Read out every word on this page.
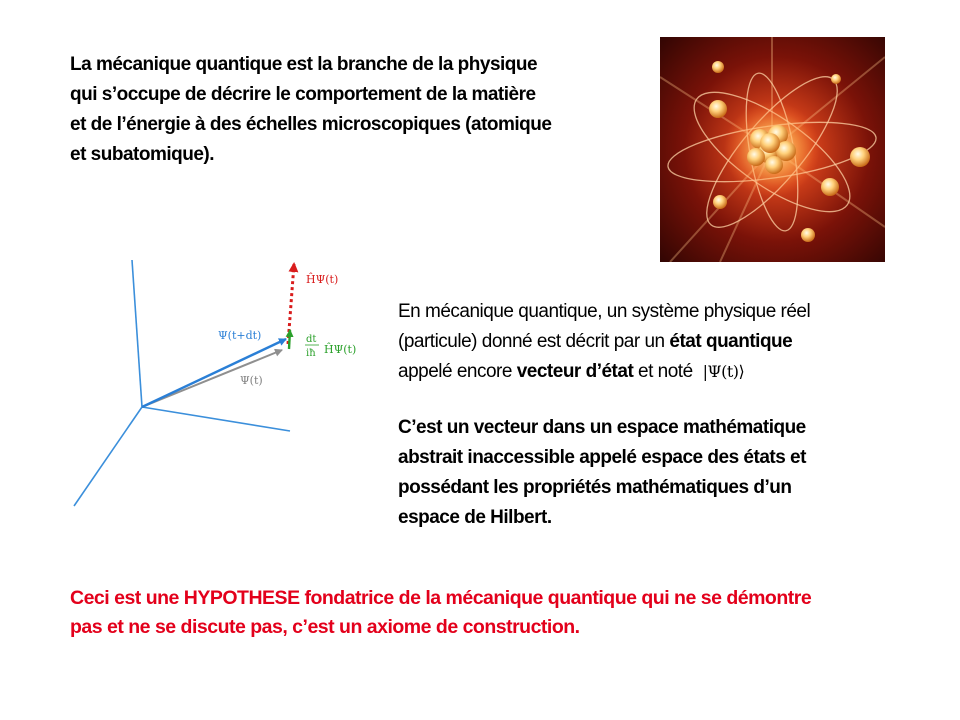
La mécanique quantique est la branche de la physique
qui s’occupe de décrire le comportement de la matière
et de l’énergie à des échelles microscopiques (atomique
et subatomique).
ĤΨ(t)
Ψ(t+dt)	dt
iħ ĤΨ(t)
Ψ(t)
En mécanique quantique, un système physique réel
(particule) donné est décrit par un état quantique
appelé encore vecteur d’état et noté |Ψ(t)⟩
C’est un vecteur dans un espace mathématique
abstrait inaccessible appelé espace des états et
possédant les propriétés mathématiques d’un
espace de Hilbert.
Ceci est une HYPOTHESE fondatrice de la mécanique quantique qui ne se démontre
pas et ne se discute pas, c’est un axiome de construction.
